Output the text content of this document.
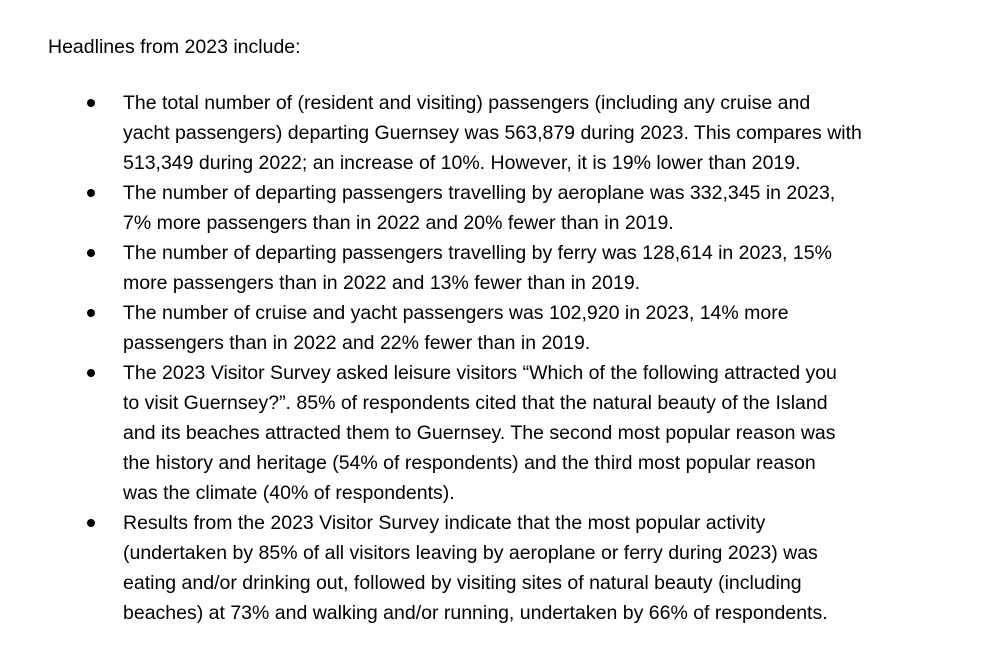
Headlines from 2023 include:
The total number of (resident and visiting) passengers (including any cruise and
yacht passengers) departing Guernsey was 563,879 during 2023. This compares with
513,349 during 2022; an increase of 10%. However, it is 19% lower than 2019.
The number of departing passengers travelling by aeroplane was 332,345 in 2023,
7% more passengers than in 2022 and 20% fewer than in 2019.
The number of departing passengers travelling by ferry was 128,614 in 2023, 15%
more passengers than in 2022 and 13% fewer than in 2019.
The number of cruise and yacht passengers was 102,920 in 2023, 14% more
passengers than in 2022 and 22% fewer than in 2019.
The 2023 Visitor Survey asked leisure visitors “Which of the following attracted you
to visit Guernsey?”. 85% of respondents cited that the natural beauty of the Island
and its beaches attracted them to Guernsey. The second most popular reason was
the history and heritage (54% of respondents) and the third most popular reason
was the climate (40% of respondents).
Results from the 2023 Visitor Survey indicate that the most popular activity
(undertaken by 85% of all visitors leaving by aeroplane or ferry during 2023) was
eating and/or drinking out, followed by visiting sites of natural beauty (including
beaches) at 73% and walking and/or running, undertaken by 66% of respondents.
